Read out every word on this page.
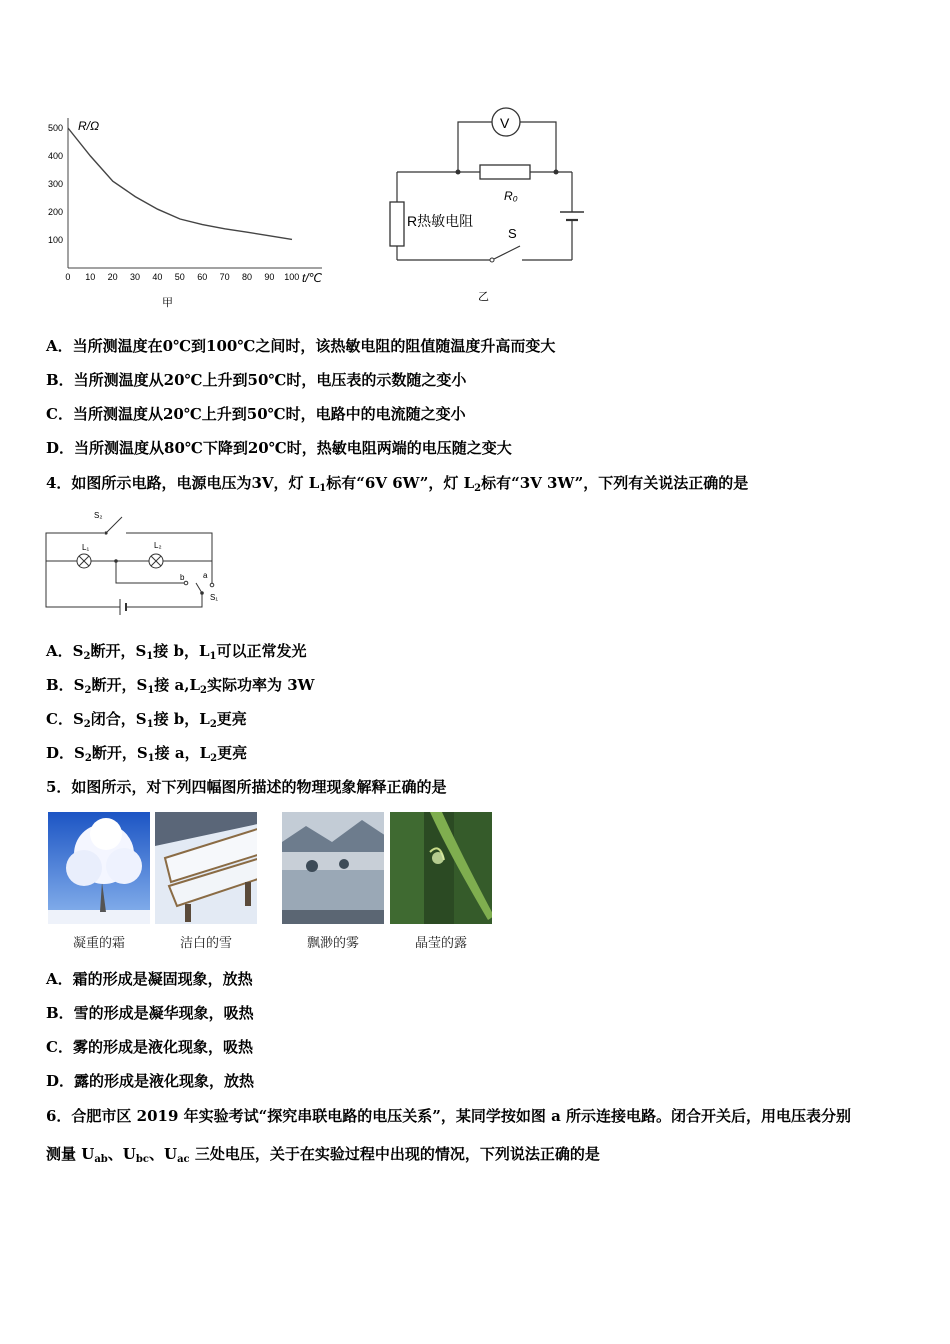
R/Ω
t/℃
500
400
300
200
100
0 10 20 30 40 50 60 70 80 90 100
甲
V
R₀
R热敏电阻
S
乙
A．当所测温度在0℃到100℃之间时，该热敏电阻的阻值随温度升高而变大
B．当所测温度从20℃上升到50℃时，电压表的示数随之变小
C．当所测温度从20℃上升到50℃时，电路中的电流随之变小
D．当所测温度从80℃下降到20℃时，热敏电阻两端的电压随之变大
4．如图所示电路，电源电压为3V，灯 $L_1$标有“6V 6W”，灯 $L_2$标有“3V 3W”，下列有关说法正确的是
S₂
L₁	L₂
b a
S₁
A．$S_2$断开，$S_1$接 b，$L_1$可以正常发光
B．$S_2$断开，$S_1$接 $a,L_2$实际功率为 3W
C．$S_2$闭合，$S_1$接 b，$L_2$更亮
D．$S_2$断开，$S_1$接 a，$L_2$更亮
5．如图所示，对下列四幅图所描述的物理现象解释正确的是
凝重的霜	洁白的雪	飘渺的雾	晶莹的露
A．霜的形成是凝固现象，放热
B．雪的形成是凝华现象，吸热
C．雾的形成是液化现象，吸热
D．露的形成是液化现象，放热
6．合肥市区 2019 年实验考试“探究串联电路的电压关系”，某同学按如图 a 所示连接电路。闭合开关后，用电压表分别
测量 $U_{ab}$、$U_{bc}$、$U_{ac}$ 三处电压，关于在实验过程中出现的情况，下列说法正确的是
